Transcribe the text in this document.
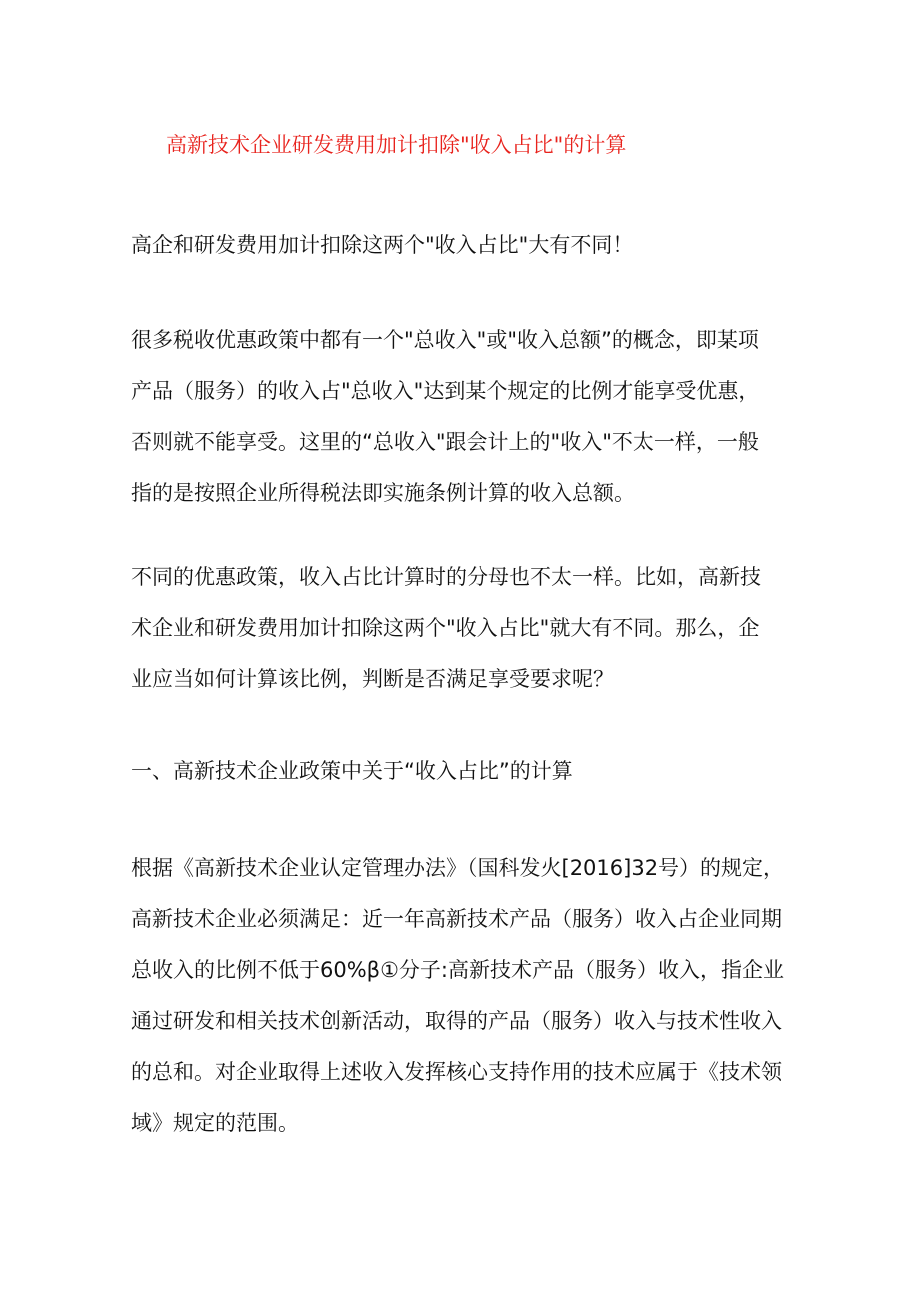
高新技术企业研发费用加计扣除"收入占比"的计算

高企和研发费用加计扣除这两个"收入占比"大有不同！

很多税收优惠政策中都有一个"总收入"或"收入总额”的概念，即某项
产品（服务）的收入占"总收入"达到某个规定的比例才能享受优惠，
否则就不能享受。这里的“总收入"跟会计上的"收入"不太一样，一般
指的是按照企业所得税法即实施条例计算的收入总额。

不同的优惠政策，收入占比计算时的分母也不太一样。比如，高新技
术企业和研发费用加计扣除这两个"收入占比"就大有不同。那么，企
业应当如何计算该比例，判断是否满足享受要求呢？

一、高新技术企业政策中关于“收入占比”的计算

根据《高新技术企业认定管理办法》（国科发火[2016]32号）的规定，
高新技术企业必须满足：近一年高新技术产品（服务）收入占企业同期
总收入的比例不低于60%β①分子:高新技术产品（服务）收入，指企业
通过研发和相关技术创新活动，取得的产品（服务）收入与技术性收入
的总和。对企业取得上述收入发挥核心支持作用的技术应属于《技术领
域》规定的范围。
